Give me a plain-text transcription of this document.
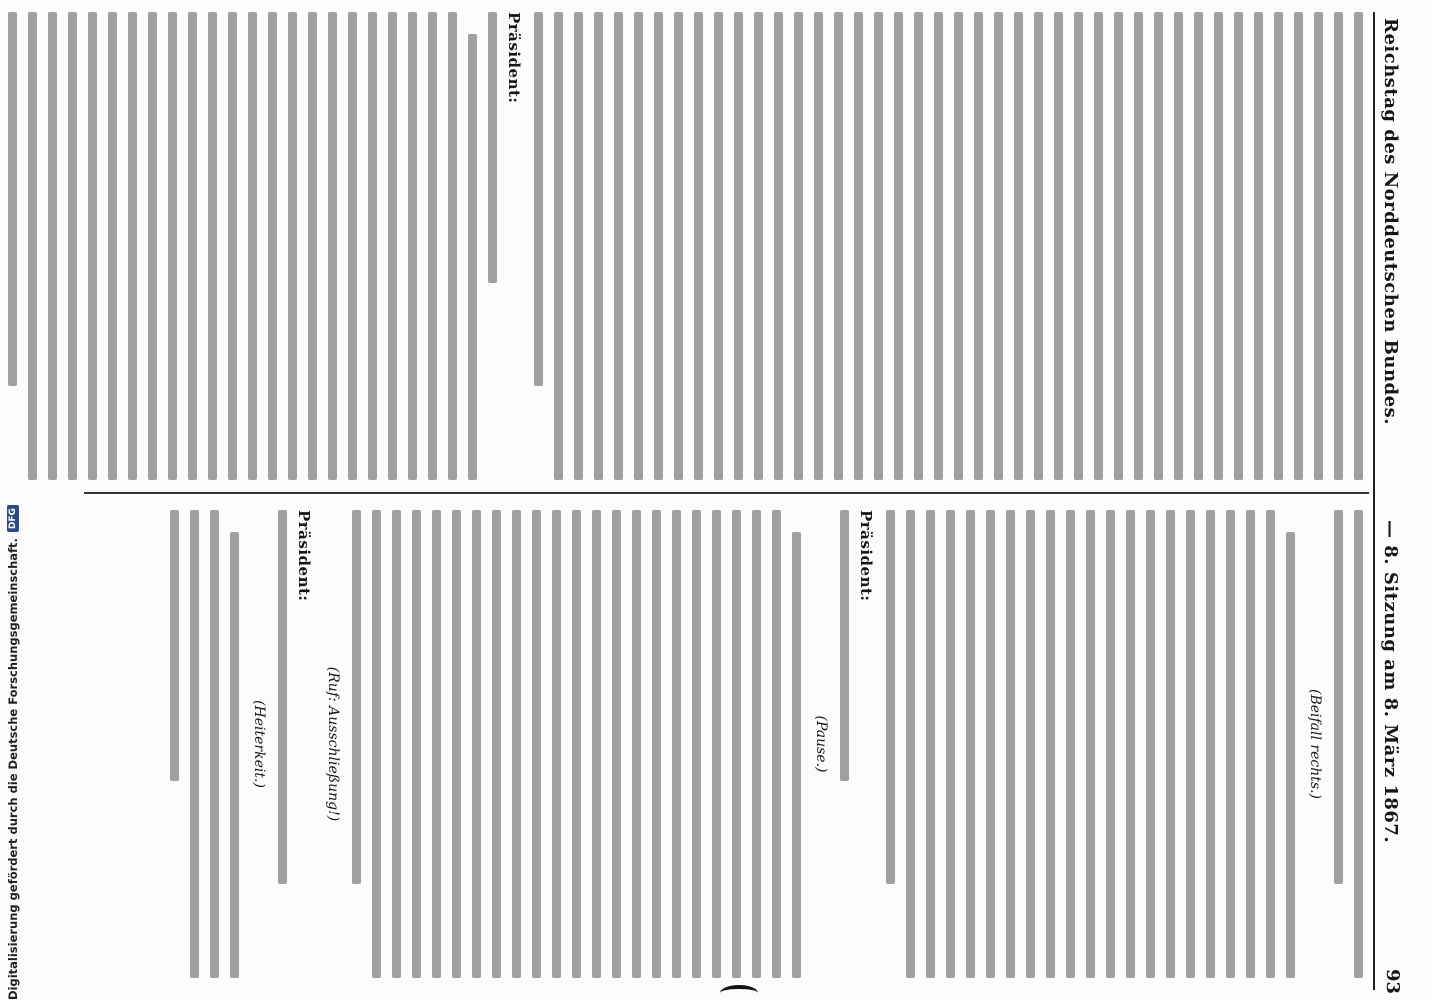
Reichstag des Norddeutschen Bundes.
— 8. Sitzung am 8. März 1867.
93
Präsident:
(Beifall rechts.)
Präsident:
(Pause.)
(Ruf: Ausschließung!)
Präsident:
(Heiterkeit.)
Digitalisierung gefördert durch die Deutsche Forschungsgemeinschaft.
DFG
